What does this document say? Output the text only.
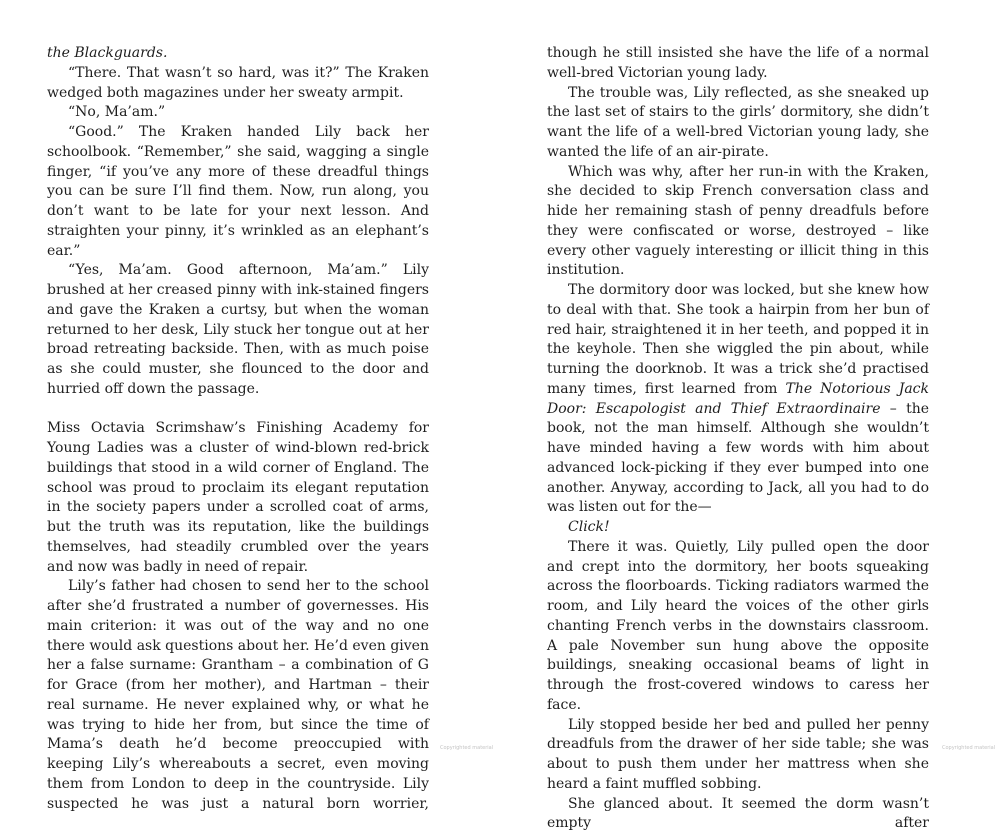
the Blackguards.

“There. That wasn’t so hard, was it?” The Kraken wedged both magazines under her sweaty armpit.

“No, Ma’am.”

“Good.” The Kraken handed Lily back her schoolbook. “Remember,” she said, wagging a single finger, “if you’ve any more of these dreadful things you can be sure I’ll find them. Now, run along, you don’t want to be late for your next lesson. And straighten your pinny, it’s wrinkled as an elephant’s ear.”

“Yes, Ma’am. Good afternoon, Ma’am.” Lily brushed at her creased pinny with ink-stained fingers and gave the Kraken a curtsy, but when the woman returned to her desk, Lily stuck her tongue out at her broad retreating backside. Then, with as much poise as she could muster, she flounced to the door and hurried off down the passage.

Miss Octavia Scrimshaw’s Finishing Academy for Young Ladies was a cluster of wind-blown red-brick buildings that stood in a wild corner of England. The school was proud to proclaim its elegant reputation in the society papers under a scrolled coat of arms, but the truth was its reputation, like the buildings themselves, had steadily crumbled over the years and now was badly in need of repair.

Lily’s father had chosen to send her to the school after she’d frustrated a number of governesses. His main criterion: it was out of the way and no one there would ask questions about her. He’d even given her a false surname: Grantham – a combination of G for Grace (from her mother), and Hartman – their real surname. He never explained why, or what he was trying to hide her from, but since the time of Mama’s death he’d become preoccupied with keeping Lily’s whereabouts a secret, even moving them from London to deep in the countryside. Lily suspected he was just a natural born worrier,

though he still insisted she have the life of a normal well-bred Victorian young lady.

The trouble was, Lily reflected, as she sneaked up the last set of stairs to the girls’ dormitory, she didn’t want the life of a well-bred Victorian young lady, she wanted the life of an air-pirate.

Which was why, after her run-in with the Kraken, she decided to skip French conversation class and hide her remaining stash of penny dreadfuls before they were confiscated or worse, destroyed – like every other vaguely interesting or illicit thing in this institution.

The dormitory door was locked, but she knew how to deal with that. She took a hairpin from her bun of red hair, straightened it in her teeth, and popped it in the keyhole. Then she wiggled the pin about, while turning the doorknob. It was a trick she’d practised many times, first learned from The Notorious Jack Door: Escapologist and Thief Extraordinaire – the book, not the man himself. Although she wouldn’t have minded having a few words with him about advanced lock-picking if they ever bumped into one another. Anyway, according to Jack, all you had to do was listen out for the—

Click!

There it was. Quietly, Lily pulled open the door and crept into the dormitory, her boots squeaking across the floorboards. Ticking radiators warmed the room, and Lily heard the voices of the other girls chanting French verbs in the downstairs classroom. A pale November sun hung above the opposite buildings, sneaking occasional beams of light in through the frost-covered windows to caress her face.

Lily stopped beside her bed and pulled her penny dreadfuls from the drawer of her side table; she was about to push them under her mattress when she heard a faint muffled sobbing.

She glanced about. It seemed the dorm wasn’t empty after

Copyrighted material	Copyrighted material
